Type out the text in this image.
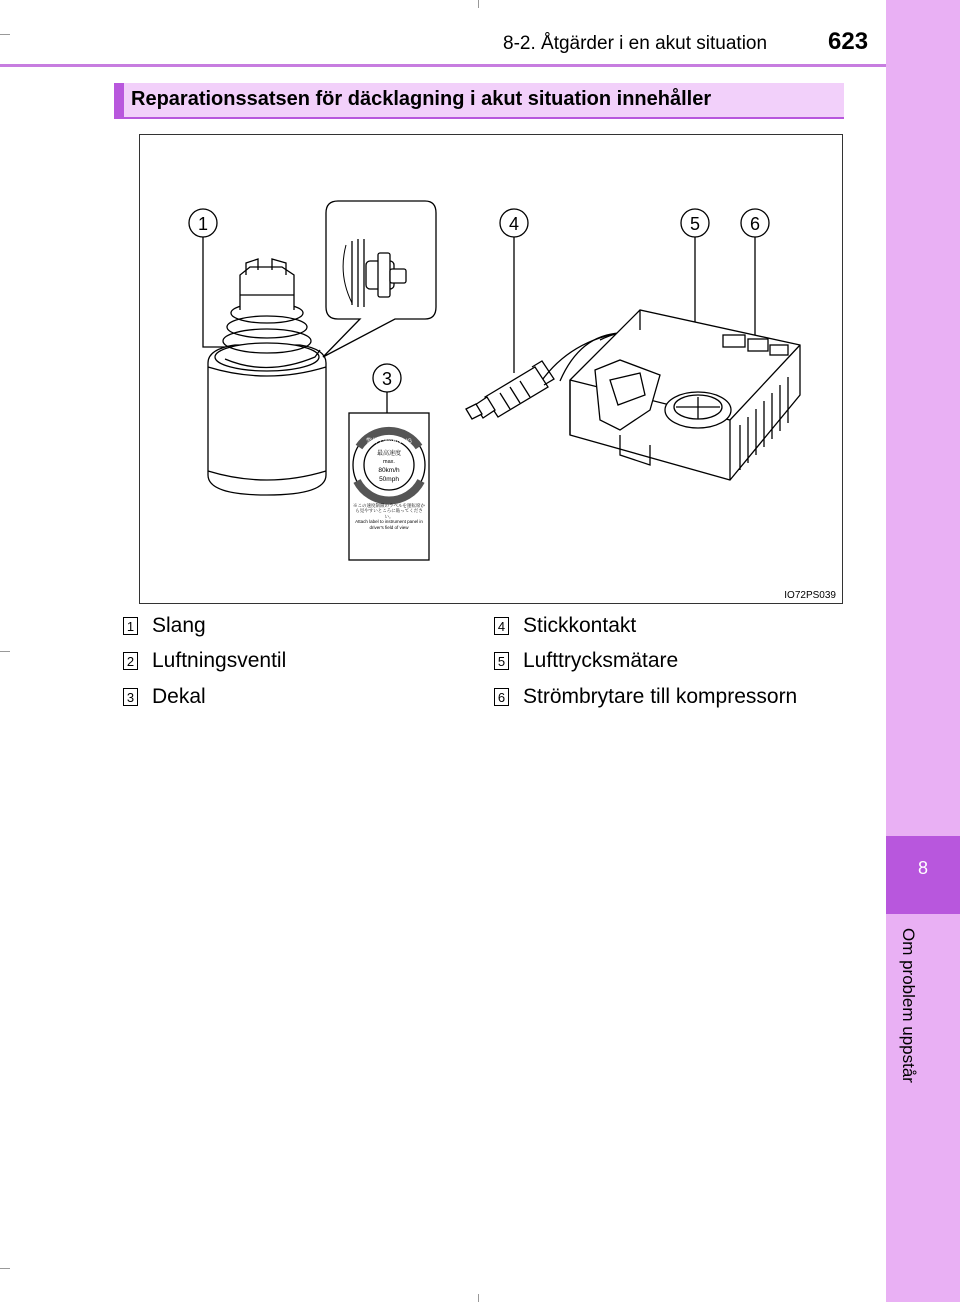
8-2. Åtgärder i en akut situation	623
8
Om problem uppstår
Reparationssatsen för däcklagning i akut situation innehåller
1
3
4	5	6
警告 / WARNING
最高速度
max.
80km/h
50mph
※この速度制限のラベルを運転席から見やすいところに貼ってください。
Attach label to instrument panel in driver's field of view
IO72PS039
1 Slang
2 Luftningsventil
3 Dekal
4 Stickkontakt
5 Lufttrycksmätare
6 Strömbrytare till kompressorn
